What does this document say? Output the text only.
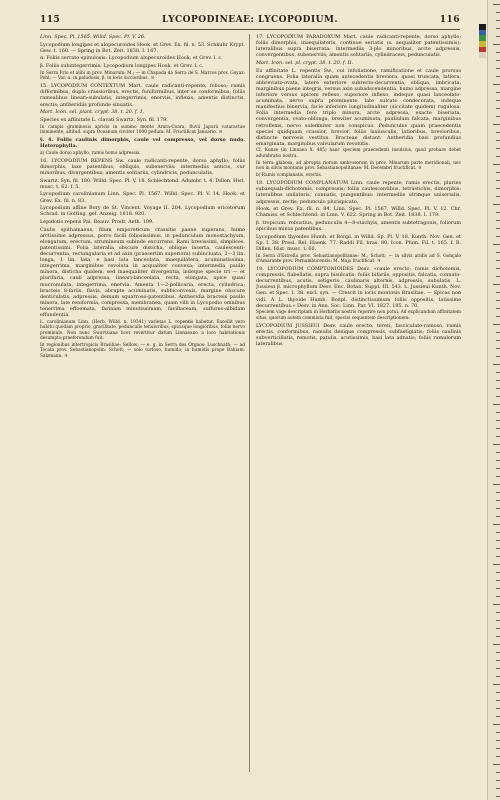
115	LYCOPODINEAE: LYCOPODIUM.	116

Linn. Spec. Pl. 1565. Willd. Spec. Pl. V. 26.

Lycopodium longipes et alopecuroides Hook. et Grev. Ex. fil. n. 53. Schkuhr Krypt. Gew. t. 160. — Spring in Bot. Zeit. 1838. I. 167.

α. Foliis serrato-spinulosis: Lycopodium alopecuroides Hook. et Grev. l. c.

β. Foliis subintegerrimis: Lycopodium longipes Hook. et Grev. l. c.

In Serra Frio et alibi in prov. Minarum: M.; — in Chapada da Serra de S. Marcos prov. Goyaz: Pohl; — Var. α. in paludosis, β. in locis siccioribus. ♃

15. LYCOPODIUM CONTEXTUM Mart. caule radicanti-repente, folioso; ramis difformibus, duplo crassioribus, erectis, funiformibus, inter se conformibus; foliis ramealibus lineari-subulatis, integerrimis, enerviis, inflexis; amentis distinctis, erectis; antheridiis profunde sinuatis.

Mart. Icon. sel. plant. crypt. 38. t. 20. f. 1.

Species ex affinitate L. clavati Swartz. Syn. fil. 179.

In campis graminosis apricis in summo monte Arara-Coara, fluvii Japurá cataractae imminente, altitud. supra Oceanum circiter 1000 pedum: M. Fructificat Januario. ♃

§. 4. Foliis caulinis dimorphis, caule vel compresso, vel dorso nudo. Heterophylla.

a) Caule dorso aphyllo, ramis homo adpressis.

16. LYCOPODIUM REPENS Sw. caule radicanti-repente, dorso aphyllo; foliis dimorphis, laxe patentibus, obliquis, subenerviis: intermediis anticis, cur minoribus, divergentibus; amentis solitariis, cylindricis, pedunculatis.

Swartz. Syn. fil. 180. Willd. Spec. Pl. V. 18. Schlechtend. Adumbr. t. 4. Dillen. Hist. musc. t. 62. f. 5.

Lycopodium carolinianum Linn. Spec. Pl. 1567. Willd. Spec. Pl. V. 14. Hook. et Grev. Ex. fil. n. 83.

Lycopodium affine Bory de St. Vincent. Voyage II. 204. Lycopodium ericetorum Schrad. in Gotting. gel. Anzeig. 1818. 920.

Lepidotis repens Pal. Beauv. Prodr. Aeth. 109.

Caulis spithamaeus, filum emporeticum crassitie paene superans, humo arctissime adpressus, porro facili foliosissimus, in pedunculum monostachyum, elongatum, erectum, strumineum subinde excurrens. Rami brevissimi, simplices, patentissimi. Folia lateralia obscure disticha, oblique inserta, caulescenti-decurrentia, rectangularia et ad axin (praesertim superiora) subincluata, 2—3 lin. longa, 1 lin. lata, e basi lata lanceolata, inaequilatera, acuminatissima, integerrima, marginibus revoluta in acqualiter convexa; intermedia paullo minora, disticha quidem, sed inaequaliter divergentia, indeque specie tri — et plurifaria, cauli adpressa, lineari-lanceolata, recta, elongata, apice quasi mucronulata, integerrima, enervia. Amenta 1—2-pollicaria, erecta, cylindrica; bracteis 8-fariis, flavis, abrupte acuminatis, subbiconvexis, margine obscure denticulatis, adpressis, demum squarroso-patentibus. Antheridia bracteis paullo minora, late reniformia, compressa, membranea, quam villi in Lycopodio omnibus tenerrima effoemata, farinam minutissimam, favillaceam, sulfureo-albidam effundentia.

L. carolinianum Linn. (Herb. Willd. n. 19341) varietas L. repentis habetur. Excellit vero habitu quodam proprio, gracilitate, pedunculis tenuioribus, spicisque longioribus, foliis nervo prominulo. Non nunc Swartziana licet revertitur datum Linnaeano a loco habitationis desumpto praeferendum fuit.

In regionibus intertropicis Brasiliae: Sellow; — e. g. in Serra dos Orgaos: Luschnath; — ad Tocaia prov. Sebastianopolin: Schott; — solo turfoso, humido; in humidis prope Bahiam: Salzmann. ♃

17. LYCOPODIUM PARADOXUM Mart. caule radicanti-repente, dorso aphyllo; foliis dimorphis, inaequilateris, continue seriatis (s. aequaliter patentissimis): lateralibus supra biserrata: intermediis 3-plo minoribus, arcte adpressis, convergentibus, subenerviis; amentis solitariis, cylindraceis, pedunculatis.

Mart. Icon. sel. pl. crypt. 38. t. 20. f. II.

Ex affinitate L. repentis Sw., cui infoliatione, ramificatione et caule prorsus congruens. Folia lateralia quam antecedentis breviora, quasi truncata, latiora, abbreviato-ovata, latere exteriore subrecto-decurrentia, obliqua, imbricata, marginibus paene integris, versus axin subadscendentia, humo adpressa, margine inferiore versus apicem reflexo, superiore inflexo, indeque quasi lanceolato-acuminata, nervo supra prominente, late sulcato condecorata, indeque manifestius binervia, facie inferiore longitudinaliter (siccitate quidem) rugulosa. Folia intermedia fere triplo minora, arcte adpressa, exacte biseriata, convergentia, ovato-oblonga, breviter acuminata, pauliulum falcata, marginibus retroflexis, nervo solemniter non conspicuo. Pedunculus quam praecedentis speciei quidquam crassior, brevior, foliis laxiusculis, latioribus, brevioribus, distincte nervosis vestitus. Bracteae distant. Antheridia basi profundius emarginata, marginibus valvularum revolutis.

Cl. Kunze (in Linnaea X. 485) hanc speciem praecedenti insulsius, quod probare debet adumbratio nostra.

In terra glabosa, ad abrupta riorum umbrosorum in prov. Minarum parte meridionali, nec non in silvis montanis prov. Sebastianopolitanae: M. Decembri fructificat. ♃

b) Ramis complanatis, erectis.

18. LYCOPODIUM COMPLANATUM Linn. caule repente, ramis erectis, pluries subaequali-dichotomis, compressis; foliis caulescentibus, tetrastichis, dimorphis: lateralibus unilateris, connatis, pungentibus: intermediis utrinque uniserialis, adpressis, rectis; pedunculo plurispicato.

Hook. et Grev. Ex. fil. n. 84. Linn. Spec. Pl. 1567. Willd. Spec. Pl. V. 12. Chr. Chamiss. et Schlechtend. in Linn. V. 622. Spring in Bot. Zeit. 1838. I. 179.

β. tropicum: robustius, pedunculis 4—8-stachyis, amentis subtetragonis, foliorum apicibus minus patentibus.

Lycopodium thyoides Humb. et Bonpl. in Willd. Sp. Pl. V. 18. Kunth. Nov. Gen. et Sp. I. 38. Presl. Rel. Haenk. 77. Raddi Fil. bras. 80. Icon. Plum. Fil. t. 165. f. B. Dillen. Hist. musc. t. 60.

In Serra d'Estrella prov. Sebastianopolitanae: M., Schott; — in silvis aridis ad S. Gonçalo d'Amarante prov. Pernambucensis: M. Majo fructificat. ♃

19. LYCOPODIUM COMPTONIOIDES Desv. «caule erecto; ramis dichotomis, compressis, flabellatis, supra bisulcatis; foliis bifariis, oppositis, falcatis, connato-decurrentibus, acutis, setigeris: caulinaris alternis, adpressis, subulatis. L. Jussieui β. microphyllum Desv. Enc. Botan. Suppl. III. 543. L. Jussieui Kunth. Nov. Gen. et Spec. I. 38. excl. syn. — Crescit in locis montosis Brasiliae. — Spicas non vidi. A L. thyoide Humb. Bonpl. distinctissimum foliis oppositis, latissime decurrentibus.» Desv. in Ann. Soc. Linn. Par. VI. 1827. 185. n. 70.

Speciem vage descriptam in Herbariis nostris reperire non potui. Ad explicandum affinitatem situs, quorum autem commixta fuit, speciei sequentem descriptionem:

LYCOPODIUM JUSSIEUI Desv. caule erecto, tereti, fasciculato-ramoso, ramis erectis, conformibus, ramulis denique compressis, subfastigiatis; foliis caulinis subverticillatis, remotis, patulis, acutissimis, basi lata adnatis; foliis ramulorum lateralibus
